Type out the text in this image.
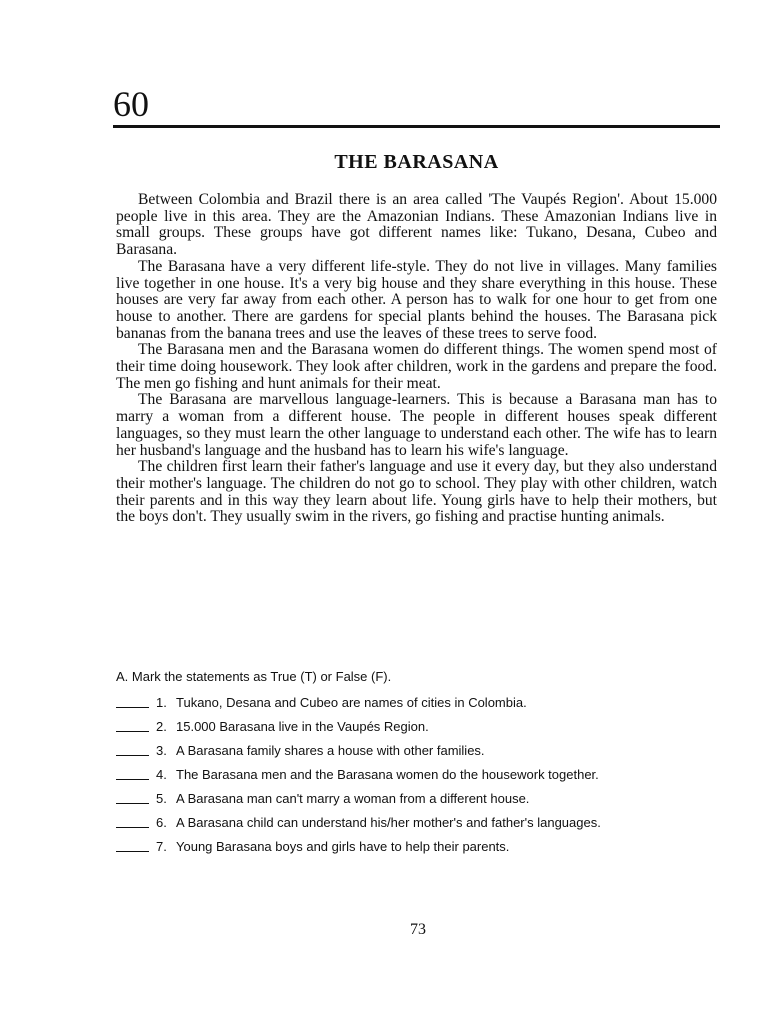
60
THE BARASANA

Between Colombia and Brazil there is an area called 'The Vaupés Region'. About 15.000 people live in this area. They are the Amazonian Indians. These Amazonian Indians live in small groups. These groups have got different names like: Tukano, Desana, Cubeo and Barasana.

The Barasana have a very different life-style. They do not live in villages. Many families live together in one house. It's a very big house and they share everything in this house. These houses are very far away from each other. A person has to walk for one hour to get from one house to another. There are gardens for special plants behind the houses. The Barasana pick bananas from the banana trees and use the leaves of these trees to serve food.

The Barasana men and the Barasana women do different things. The women spend most of their time doing housework. They look after children, work in the gardens and prepare the food. The men go fishing and hunt animals for their meat.

The Barasana are marvellous language-learners. This is because a Barasana man has to marry a woman from a different house. The people in different houses speak different languages, so they must learn the other language to understand each other. The wife has to learn her husband's language and the husband has to learn his wife's language.

The children first learn their father's language and use it every day, but they also understand their mother's language. The children do not go to school. They play with other children, watch their parents and in this way they learn about life. Young girls have to help their mothers, but the boys don't. They usually swim in the rivers, go fishing and practise hunting animals.

A. Mark the statements as True (T) or False (F).
1. Tukano, Desana and Cubeo are names of cities in Colombia.
2. 15.000 Barasana live in the Vaupés Region.
3. A Barasana family shares a house with other families.
4. The Barasana men and the Barasana women do the housework together.
5. A Barasana man can't marry a woman from a different house.
6. A Barasana child can understand his/her mother's and father's languages.
7. Young Barasana boys and girls have to help their parents.
73
